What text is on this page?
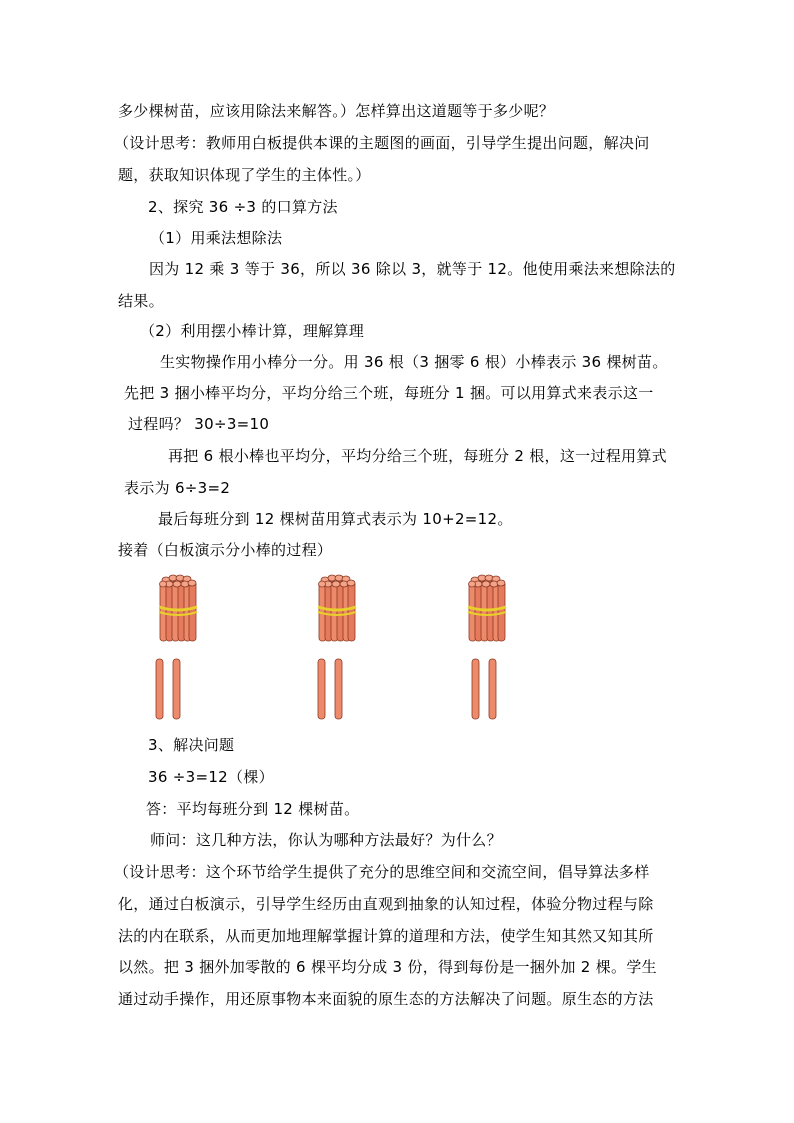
多少棵树苗，应该用除法来解答。）怎样算出这道题等于多少呢？
（设计思考：教师用白板提供本课的主题图的画面，引导学生提出问题，解决问
题，获取知识体现了学生的主体性。）
2、探究 36 ÷3 的口算方法
（1）用乘法想除法
因为 12 乘 3 等于 36，所以 36 除以 3，就等于 12。他使用乘法来想除法的
结果。
（2）利用摆小棒计算，理解算理
生实物操作用小棒分一分。用 36 根（3 捆零 6 根）小棒表示 36 棵树苗。
先把 3 捆小棒平均分，平均分给三个班，每班分 1 捆。可以用算式来表示这一
过程吗？ 30÷3=10
再把 6 根小棒也平均分，平均分给三个班，每班分 2 根，这一过程用算式
表示为 6÷3=2
最后每班分到 12 棵树苗用算式表示为 10+2=12。
接着（白板演示分小棒的过程）
3、解决问题
36 ÷3=12（棵）
答：平均每班分到 12 棵树苗。
师问：这几种方法，你认为哪种方法最好？为什么？
（设计思考：这个环节给学生提供了充分的思维空间和交流空间，倡导算法多样
化，通过白板演示，引导学生经历由直观到抽象的认知过程，体验分物过程与除
法的内在联系，从而更加地理解掌握计算的道理和方法，使学生知其然又知其所
以然。把 3 捆外加零散的 6 棵平均分成 3 份，得到每份是一捆外加 2 棵。学生
通过动手操作，用还原事物本来面貌的原生态的方法解决了问题。原生态的方法
